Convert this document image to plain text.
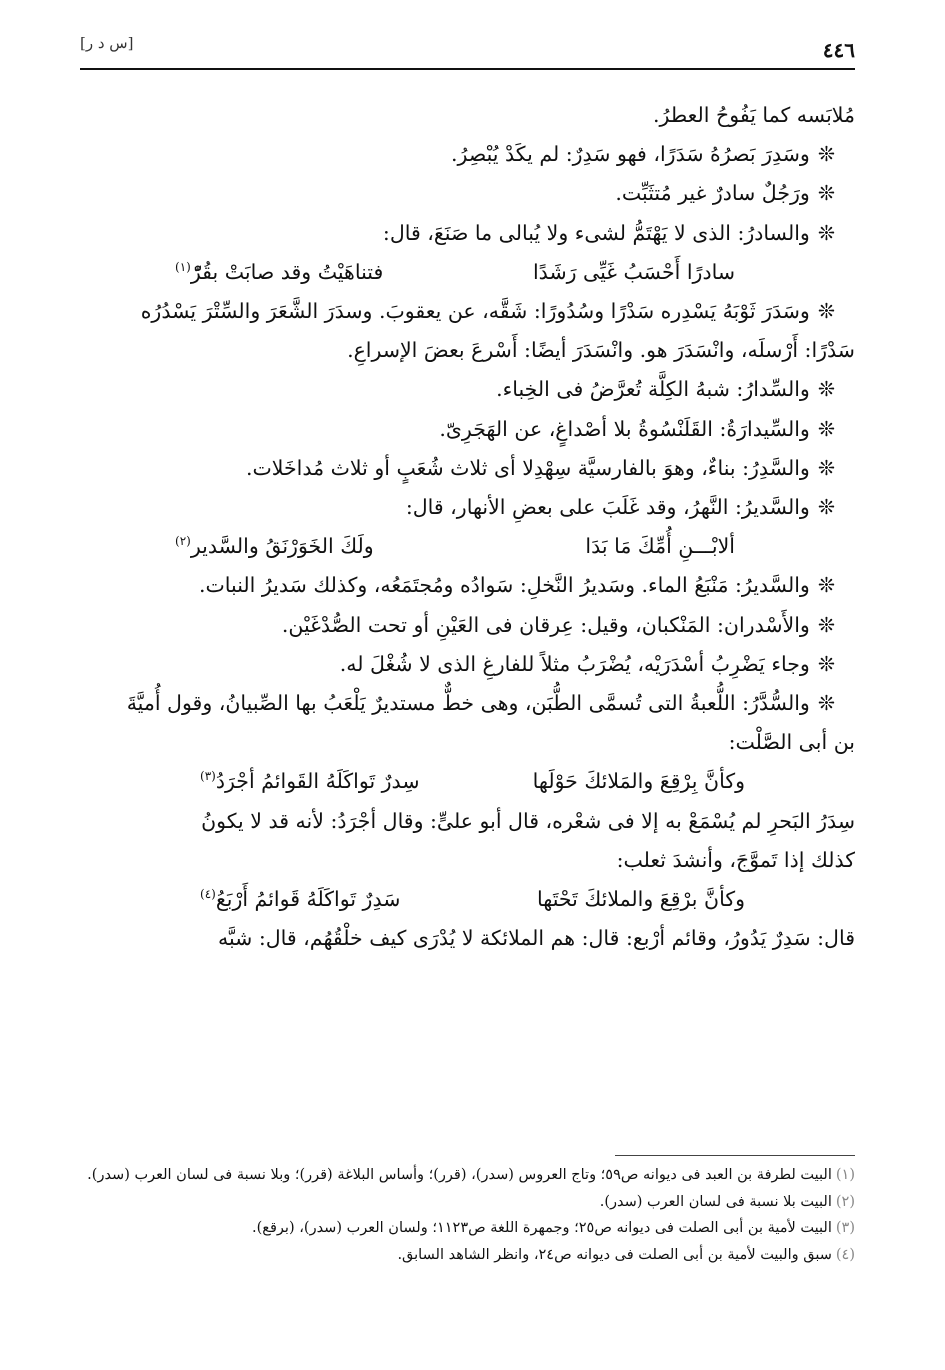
٤٤٦
[س د ر]

مُلابَسه كما يَفُوحُ العطرُ.

❊وسَدِرَ بَصرُهُ سَدَرًا، فهو سَدِرٌ: لم يكَدْ يُبْصِرُ.

❊ورَجُلٌ سادرٌ غير مُتثَبِّت.

❊والسادرُ: الذى لا يَهْتَمُّ لشىء ولا يُبالى ما صَنَعَ، قال:

سادرًا أَحْسَبُ غَيِّى رَشَدًا
فتناهَيْتُ وقد صابَتْ بقُرّْ$^{(١)}$

❊وسَدَرَ ثَوْبَهُ يَسْدِره سَدْرًا وسُدُورًا: شَقَّه، عن يعقوبَ. وسدَرَ الشَّعَرَ والسِّتْرَ يَسْدُرُه

سَدْرًا: أَرْسلَه، وانْسَدَرَ هو. وانْسَدَرَ أيضًا: أَسْرعَ بعضَ الإسراعِ.

❊والسِّدارُ: شبهُ الكِلَّة تُعرَّضُ فى الخِباء.

❊والسِّيدارَةُ: القَلَنْسُوةُ بلا أصْداغٍ، عن الهَجَرِىّ.

❊والسَّدِرُ: بناءٌ، وهوَ بالفارسيَّة سِهْدِلا أى ثلاث شُعَبٍ أو ثلاث مُداخَلات.

❊والسَّديرُ: النَّهرُ، وقد غَلَبَ على بعضِ الأنهار، قال:

ألابْـــنِ أُمِّكَ مَا بَدَا
ولَكَ الخَوَرْنَقُ والسَّدير$^{(٢)}$

❊والسَّديرُ: مَنْبَعُ الماء. وسَديرُ النَّخلِ: سَوادُه ومُجتَمَعُه، وكذلك سَديرُ النبات.

❊والأَسْدران: المَنْكبان، وقيل: عِرقان فى العَيْنِ أو تحت الصُّدْغَيْن.

❊وجاء يَضْرِبُ أسْدَرَيْه، يُضْرَبُ مثلاً للفارغِ الذى لا شُغْلَ له.

❊والسُّدَّرُ: اللُّعبةُ التى تُسمَّى الطُّبَن، وهى خطٌّ مستديرٌ يَلْعَبُ بها الصِّبيانُ، وقول أُميَّةَ

بن أبى الصَّلْت:

وكأنَّ بِرْقِعَ والمَلائكَ حَوْلَها
سِدرٌ تَواكَلَهُ القَوائمُ أجْرَدُ$^{(٣)}$

سِدَرُ البَحرِ لم يُسْمَعْ به إلا فى شعْره، قال أبو علىٍّ: وقال أجْرَدُ: لأنه قد لا يكونُ

كذلك إذا تَموَّجَ، وأنشدَ ثعلب:

وكأنَّ برْقِعَ والملائكَ تَحْتَها
سَدِرٌ تَواكَلَهُ قَوائمُ أَرْبَعُ$^{(٤)}$

قال: سَدِرٌ يَدُورُ، وقائم أرْبع: قال: هم الملائكة لا يُدْرَى كيف خلْقُهُم، قال: شبَّه

(١)البيت لطرفة بن العبد فى ديوانه ص٥٩؛ وتاج العروس (سدر)، (قرر)؛ وأساس البلاغة (قرر)؛ وبلا نسبة فى لسان العرب (سدر).

(٢)البيت بلا نسبة فى لسان العرب (سدر).

(٣)البيت لأمية بن أبى الصلت فى ديوانه ص٢٥؛ وجمهرة اللغة ص١١٢٣؛ ولسان العرب (سدر)، (برقع).

(٤)سبق والبيت لأمية بن أبى الصلت فى ديوانه ص٢٤، وانظر الشاهد السابق.
